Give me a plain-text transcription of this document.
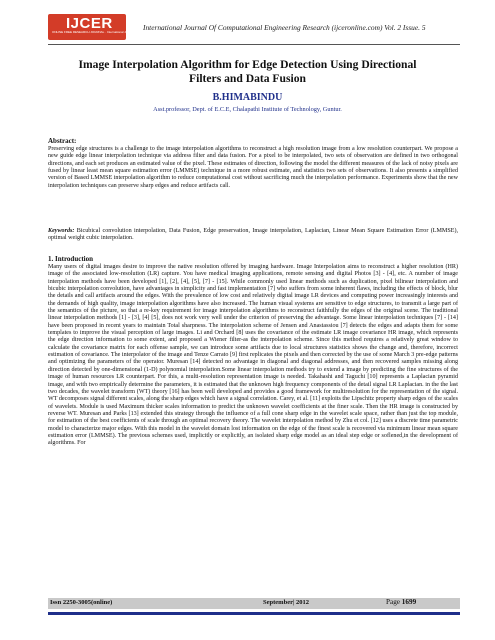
IJCER
ONLINE FREE RESEARCH JOURNAL · International Journal of Computational Engineering Research
International Journal Of Computational Engineering Research (ijceronline.com) Vol. 2 Issue. 5
Image Interpolation Algorithm for Edge Detection Using Directional Filters and Data Fusion
B.HIMABINDU
Asst.professor, Dept. of E.C.E, Chalapathi Institute of Technology, Guntur.
Abstract:
Preserving edge structures is a challenge to the image interpolation algorithms to reconstruct a high resolution image from a low resolution counterpart. We propose a new guide edge linear interpolation technique via address filter and data fusion. For a pixel to be interpolated, two sets of observation are defined in two orthogonal directions, and each set produces an estimated value of the pixel. These estimates of direction, following the model the different measures of the lack of noisy pixels are fused by linear least mean square estimation error (LMMSE) technique in a more robust estimate, and statistics two sets of observations. It also presents a simplified version of Based LMMSE interpolation algorithm to reduce computational cost without sacrificing much the interpolation performance. Experiments show that the new interpolation techniques can preserve sharp edges and reduce artifacts call.
Keywords: Bicubical convolution interpolation, Data Fusion, Edge preservation, Image interpolation, Laplacian, Linear Mean Square Estimation Error (LMMSE), optimal weight cubic interpolation.
1. Introduction
Many users of digital images desire to improve the native resolution offered by imaging hardware. Image Interpolation aims to reconstruct a higher resolution (HR) image of the associated low-resolution (LR) capture. You have medical imaging applications, remote sensing and digital Photos [3] - [4], etc. A number of image interpolation methods have been developed [1], [2], [4], [5], [7] - [15]. While commonly used linear methods such as duplication, pixel bilinear interpolation and bicubic interpolation convolution, have advantages in simplicity and fast implementation [7] who suffers from some inherent flaws, including the effects of block, blur the details and call artifacts around the edges. With the prevalence of low cost and relatively digital image LR devices and computing power increasingly interests and the demands of high quality, image interpolation algorithms have also increased. The human visual systems are sensitive to edge structures, to transmit a large part of the semantics of the picture, so that a re-key requirement for image interpolation algorithms to reconstruct faithfully the edges of the original scene. The traditional linear interpolation methods [1] - [3], [4] [5], does not work very well under the criterion of preserving the advantage. Some linear interpolation techniques [7] - [14] have been proposed in recent years to maintain Total sharpness. The interpolation scheme of Jensen and Anastassiou [7] detects the edges and adapts them for some templates to improve the visual perception of large images. Li and Orchard [8] uses the covariance of the estimate LR image covariance HR image, which represents the edge direction information to some extent, and proposed a Wiener filter-as the interpolation scheme. Since this method requires a relatively great window to calculate the covariance matrix for each offense sample, we can introduce some artifacts due to local structures statistics shows the change and, therefore, incorrect estimation of covariance. The interpolator of the image and Tenze Carrato [9] first replicates the pixels and then corrected by the use of some March 3 pre-edge patterns and optimizing the parameters of the operator. Muresan [14] detected no advantage in diagonal and diagonal addresses, and then recovered samples missing along direction detected by one-dimensional (1-D) polynomial interpolation.Some linear interpolation methods try to extend a image by predicting the fine structures of the image of human resources LR counterpart. For this, a multi-resolution representation image is needed. Takahashi and Taguchi [10] represents a Laplacian pyramid image, and with two empirically determine the parameters, it is estimated that the unknown high frequency components of the detail signal LR Laplacian. in the the last two decades, the wavelet transform (WT) theory [16] has been well developed and provides a good framework for multiresolution for the representation of the signal. WT decomposes signal different scales, along the sharp edges which have a signal correlation. Carey, et al. [11] exploits the Lipschitz property sharp edges of the scales of wavelets. Module is used Maximum thicker scales information to predict the unknown wavelet coefficients at the finer scale. Then the HR image is constructed by reverse WT. Muresan and Parks [13] extended this strategy through the influence of a full cone sharp edge in the wavelet scale space, rather than just the top module, for estimation of the best coefficients of scale through an optimal recovery theory. The wavelet interpolation method by Zhu et col. [12] uses a discrete time parametric model to characterize major edges. With this model in the wavelet domain lost information on the edge of the finest scale is recovered via minimum linear mean square estimation error (LMMSE). The previous schemes used, implicitly or explicitly, an isolated sharp edge model as an ideal step edge or soflened,in the development of algorithms. For
Issn 2250-3005(online)	September| 2012	Page 1699
